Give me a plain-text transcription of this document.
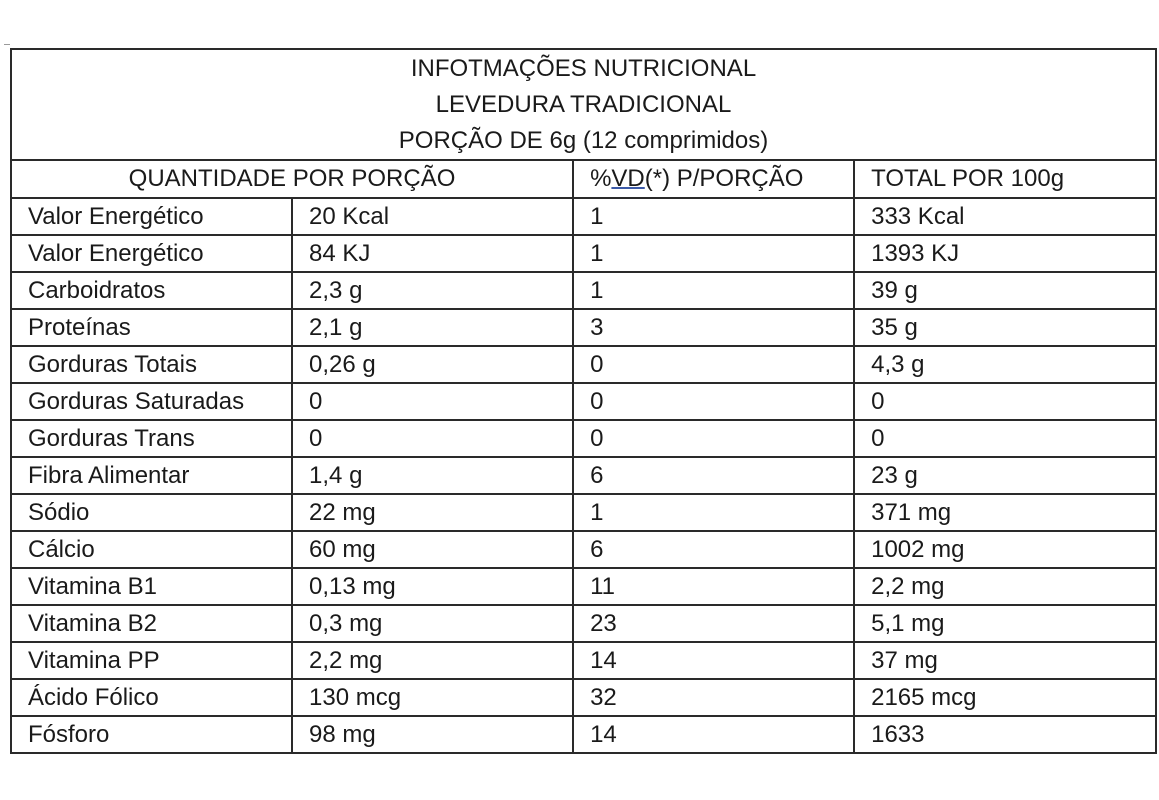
INFOTMAÇÕES NUTRICIONAL
LEVEDURA TRADICIONAL
PORÇÃO DE 6g (12 comprimidos)			

QUANTIDADE POR PORÇÃO		%VD(*) P/PORÇÃO	TOTAL POR 100g
Valor Energético	20 Kcal	1	333 Kcal
Valor Energético	84 KJ	1	1393 KJ
Carboidratos	2,3 g	1	39 g
Proteínas	2,1 g	3	35 g
Gorduras Totais	0,26 g	0	4,3 g
Gorduras Saturadas	0	0	0
Gorduras Trans	0	0	0
Fibra Alimentar	1,4 g	6	23 g
Sódio	22 mg	1	371 mg
Cálcio	60 mg	6	1002 mg
Vitamina B1	0,13 mg	11	2,2 mg
Vitamina B2	0,3 mg	23	5,1 mg
Vitamina PP	2,2 mg	14	37 mg
Ácido Fólico	130 mcg	32	2165 mcg
Fósforo	98 mg	14	1633
